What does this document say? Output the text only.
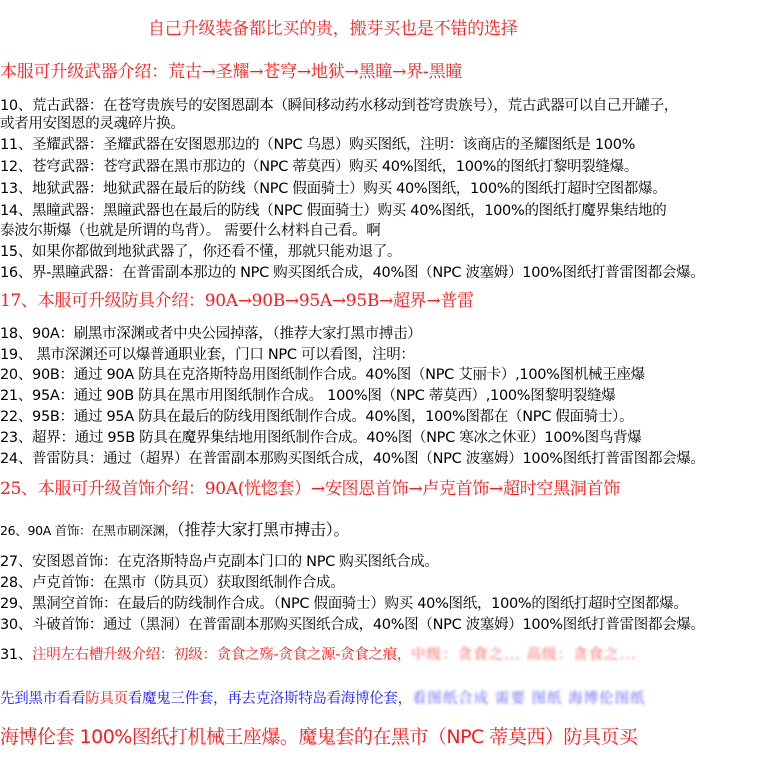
自己升级装备都比买的贵，搬芽买也是不错的选择
本服可升级武器介绍：荒古→圣耀→苍穹→地狱→黑瞳→界-黑瞳
10、荒古武器：在苍穹贵族号的安图恩副本（瞬间移动药水移动到苍穹贵族号），荒古武器可以自己开罐子，
或者用安图恩的灵魂碎片换。
11、圣耀武器：圣耀武器在安图恩那边的（NPC 乌恩）购买图纸，注明：该商店的圣耀图纸是 100%
12、苍穹武器：苍穹武器在黑市那边的（NPC 蒂莫西）购买 40%图纸，100%的图纸打黎明裂缝爆。
13、地狱武器：地狱武器在最后的防线（NPC 假面骑士）购买 40%图纸，100%的图纸打超时空图都爆。
14、黑瞳武器：黑瞳武器也在最后的防线（NPC 假面骑士）购买 40%图纸，100%的图纸打魔界集结地的
泰波尔斯爆（也就是所谓的鸟背）。 需要什么材料自己看。啊
15、如果你都做到地狱武器了，你还看不懂，那就只能劝退了。
16、界-黑瞳武器：在普雷副本那边的 NPC 购买图纸合成，40%图（NPC 波塞姆）100%图纸打普雷图都会爆。
17、本服可升级防具介绍：90A→90B→95A→95B→超界→普雷
18、90A：刷黑市深渊或者中央公园掉落，（推荐大家打黑市搏击）
19、 黑市深渊还可以爆普通职业套，门口 NPC 可以看图，注明：
20、90B：通过 90A 防具在克洛斯特岛用图纸制作合成。40%图（NPC 艾丽卡）,100%图机械王座爆
21、95A：通过 90B 防具在黑市用图纸制作合成。 100%图（NPC 蒂莫西）,100%图黎明裂缝爆
22、95B：通过 95A 防具在最后的防线用图纸制作合成。40%图，100%图都在（NPC 假面骑士）。
23、超界：通过 95B 防具在魔界集结地用图纸制作合成。40%图（NPC 寒冰之休亚）100%图鸟背爆
24、普雷防具：通过（超界）在普雷副本那购买图纸合成，40%图（NPC 波塞姆）100%图纸打普雷图都会爆。
25、本服可升级首饰介绍：90A(恍惚套）→安图恩首饰→卢克首饰→超时空黑洞首饰
26、90A 首饰：在黑市刷深渊，（推荐大家打黑市搏击）。
27、安图恩首饰：在克洛斯特岛卢克副本门口的 NPC 购买图纸合成。
28、卢克首饰：在黑市（防具页）获取图纸制作合成。
29、黑洞空首饰：在最后的防线制作合成。（NPC 假面骑士）购买 40%图纸，100%的图纸打超时空图都爆。
30、斗破首饰：通过（黑洞）在普雷副本那购买图纸合成，40%图（NPC 波塞姆）100%图纸打普雷图都会爆。
31、注明左右槽升级介绍：初级：贪食之殇-贪食之源-贪食之痕，中级：贪食之... 高级：贪食之...
先到黑市看看防具页看魔鬼三件套，再去克洛斯特岛看海博伦套，看图纸合成 需要 图纸 海博伦图纸
海博伦套 100%图纸打机械王座爆。魔鬼套的在黑市（NPC 蒂莫西）防具页买
